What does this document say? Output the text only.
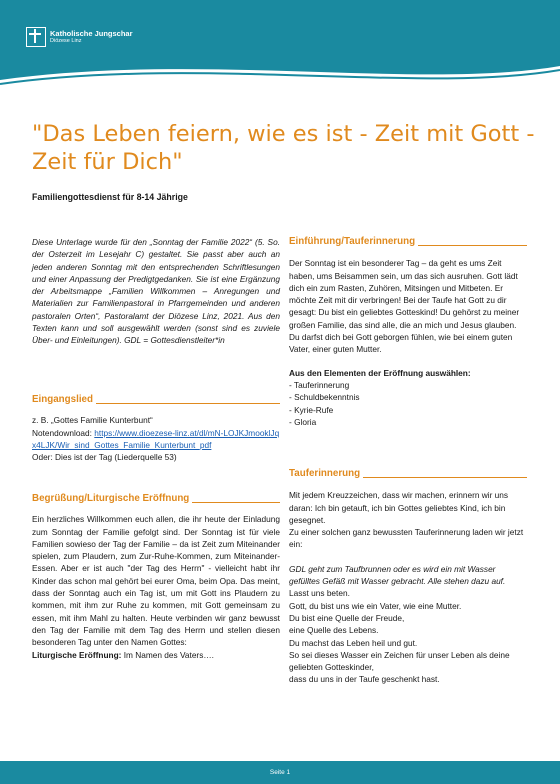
Katholische Jungschar
Diözese Linz
"Das Leben feiern, wie es ist - Zeit mit Gott - Zeit für Dich"
Familiengottesdienst für 8-14 Jährige
Diese Unterlage wurde für den „Sonntag der Familie 2022“ (5. So. der Osterzeit im Lesejahr C) gestaltet. Sie passt aber auch an jeden anderen Sonntag mit den entsprechenden Schriftlesungen und einer Anpassung der Predigtgedanken. Sie ist eine Ergänzung der Arbeitsmappe „Familien Willkommen – Anregungen und Materialien zur Familienpastoral in Pfarrgemeinden und anderen pastoralen Orten“, Pastoralamt der Diözese Linz, 2021. Aus den Texten kann und soll ausgewählt werden (sonst sind es zuviele Über- und Einleitungen). GDL = Gottesdienstleiter*in
Eingangslied

z. B. „Gottes Familie Kunterbunt“

Notendownload: https://www.dioezese-linz.at/dl/mN-LOJKJmooklJqx4LJK/Wir_sind_Gottes_Familie_Kunterbunt_pdf

Oder: Dies ist der Tag (Liederquelle 53)

Begrüßung/Liturgische Eröffnung

Ein herzliches Willkommen euch allen, die ihr heute der Einladung zum Sonntag der Familie gefolgt sind. Der Sonntag ist für viele Familien sowieso der Tag der Familie – da ist Zeit zum Miteinander spielen, zum Plaudern, zum Zur-Ruhe-Kommen, zum Miteinander-Essen. Aber er ist auch "der Tag des Herrn" - vielleicht habt ihr Kinder das schon mal gehört bei eurer Oma, beim Opa. Das meint, dass der Sonntag auch ein Tag ist, um mit Gott ins Plaudern zu kommen, mit ihm zur Ruhe zu kommen, mit Gott gemeinsam zu essen, mit ihm Mahl zu halten. Heute verbinden wir ganz bewusst den Tag der Familie mit dem Tag des Herrn und stellen diesen besonderen Tag unter den Namen Gottes:

Liturgische Eröffnung: Im Namen des Vaters….

Einführung/Tauferinnerung

Der Sonntag ist ein besonderer Tag – da geht es ums Zeit haben, ums Beisammen sein, um das sich ausruhen. Gott lädt dich ein zum Rasten, Zuhören, Mitsingen und Mitbeten. Er möchte Zeit mit dir verbringen! Bei der Taufe hat Gott zu dir gesagt: Du bist ein geliebtes Gotteskind! Du gehörst zu meiner großen Familie, das sind alle, die an mich und Jesus glauben. Du darfst dich bei Gott geborgen fühlen, wie bei einem guten Vater, einer guten Mutter.

Aus den Elementen der Eröffnung auswählen:

- Tauferinnerung

- Schuldbekenntnis

- Kyrie-Rufe

- Gloria

Tauferinnerung

Mit jedem Kreuzzeichen, dass wir machen, erinnern wir uns daran: Ich bin getauft, ich bin Gottes geliebtes Kind, ich bin gesegnet.

Zu einer solchen ganz bewussten Tauferinnerung laden wir jetzt ein:

GDL geht zum Taufbrunnen oder es wird ein mit Wasser gefülltes Gefäß mit Wasser gebracht. Alle stehen dazu auf.

Lasst uns beten.

Gott, du bist uns wie ein Vater, wie eine Mutter.

Du bist eine Quelle der Freude,

eine Quelle des Lebens.

Du machst das Leben heil und gut.

So sei dieses Wasser ein Zeichen für unser Leben als deine geliebten Gotteskinder,

dass du uns in der Taufe geschenkt hast.

Seite 1
